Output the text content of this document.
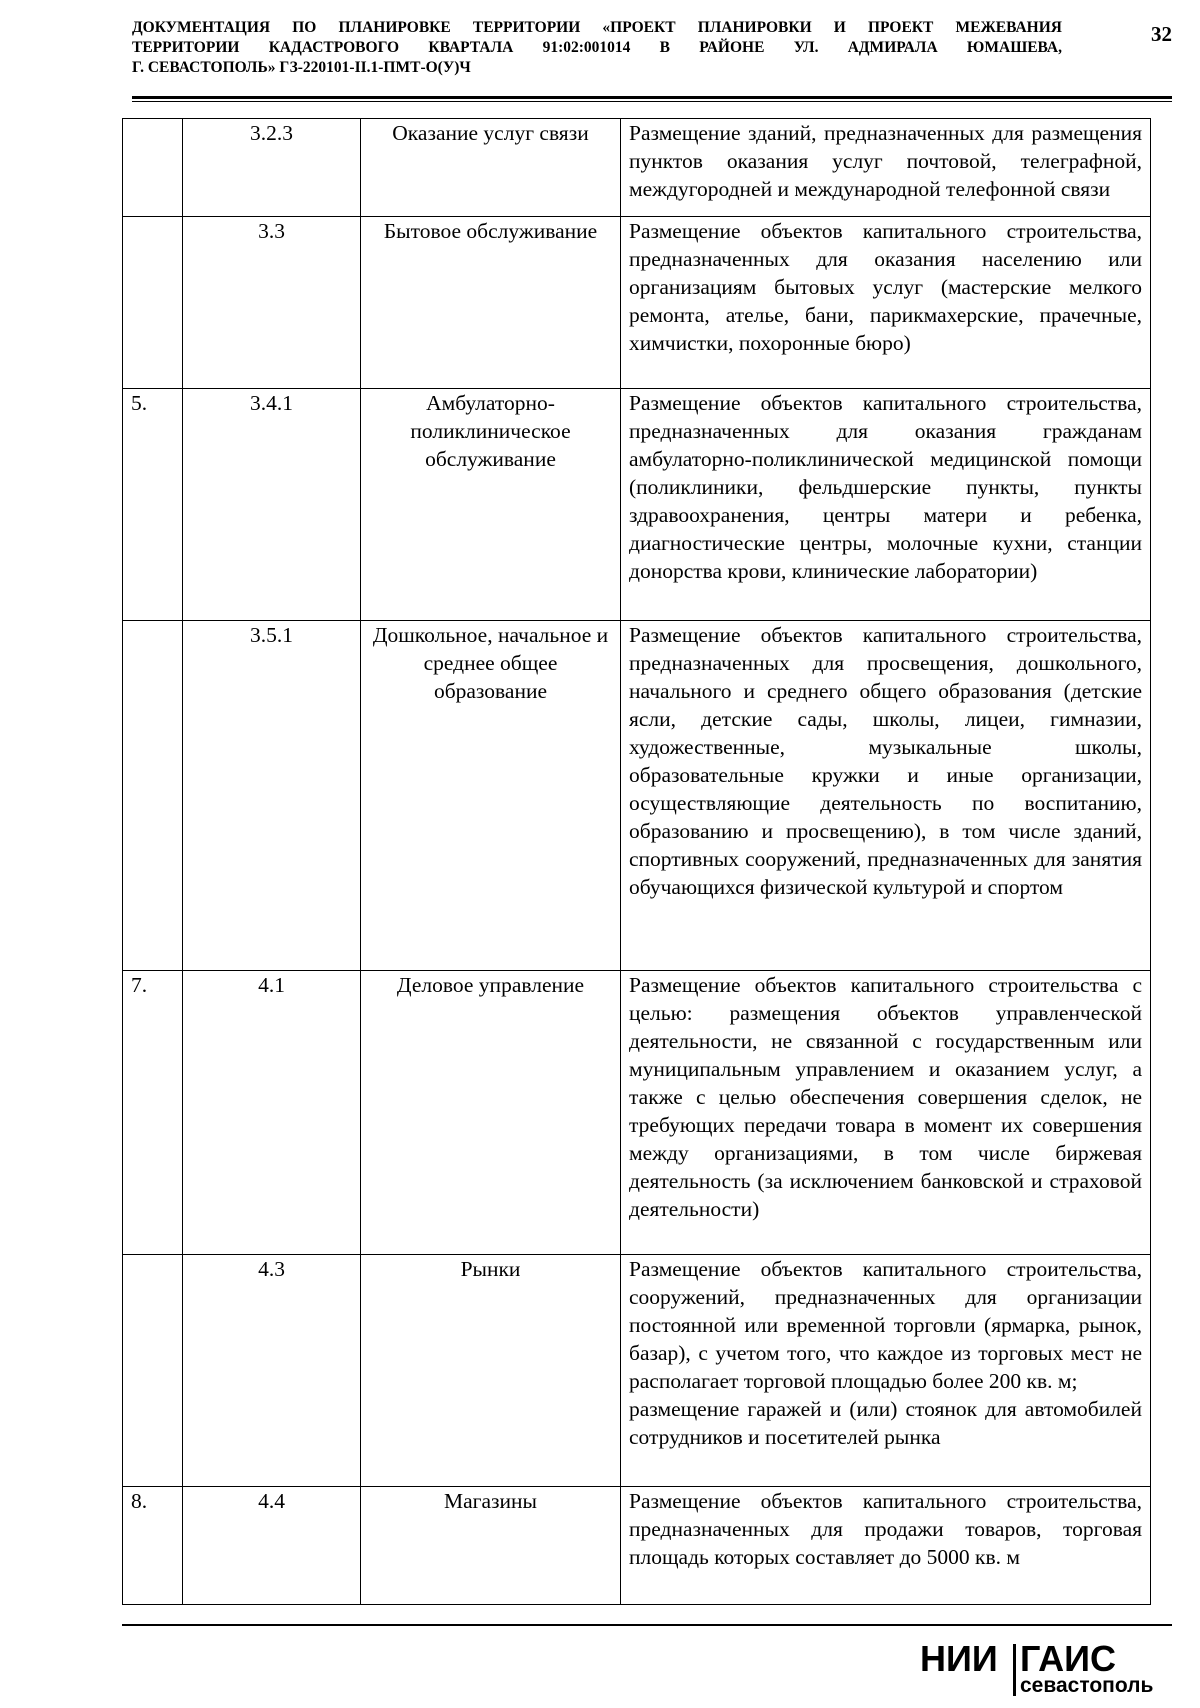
ДОКУМЕНТАЦИЯ ПО ПЛАНИРОВКЕ ТЕРРИТОРИИ «ПРОЕКТ ПЛАНИРОВКИ И ПРОЕКТ МЕЖЕВАНИЯ
ТЕРРИТОРИИ КАДАСТРОВОГО КВАРТАЛА 91:02:001014 В РАЙОНЕ УЛ. АДМИРАЛА ЮМАШЕВА,
Г. СЕВАСТОПОЛЬ» ГЗ-220101-II.1-ПМТ-О(У)Ч
32
	3.2.3	Оказание услуг связи	Размещение зданий, предназначенных для размещения пунктов оказания услуг почтовой, телеграфной, междугородней и международной телефонной связи
	3.3	Бытовое обслуживание	Размещение объектов капитального строительства, предназначенных для оказания населению или организациям бытовых услуг (мастерские мелкого ремонта, ателье, бани, парикмахерские, прачечные, химчистки, похоронные бюро)
5.	3.4.1	Амбулаторно-поликлиническое обслуживание	Размещение объектов капитального строительства, предназначенных для оказания гражданам амбулаторно-поликлинической медицинской помощи (поликлиники, фельдшерские пункты, пункты здравоохранения, центры матери и ребенка, диагностические центры, молочные кухни, станции донорства крови, клинические лаборатории)
	3.5.1	Дошкольное, начальное и среднее общее образование	Размещение объектов капитального строительства, предназначенных для просвещения, дошкольного, начального и среднего общего образования (детские ясли, детские сады, школы, лицеи, гимназии, художественные, музыкальные школы, образовательные кружки и иные организации, осуществляющие деятельность по воспитанию, образованию и просвещению), в том числе зданий, спортивных сооружений, предназначенных для занятия обучающихся физической культурой и спортом
7.	4.1	Деловое управление	Размещение объектов капитального строительства с целью: размещения объектов управленческой деятельности, не связанной с государственным или муниципальным управлением и оказанием услуг, а также с целью обеспечения совершения сделок, не требующих передачи товара в момент их совершения между организациями, в том числе биржевая деятельность (за исключением банковской и страховой деятельности)
	4.3	Рынки	Размещение объектов капитального строительства, сооружений, предназначенных для организации постоянной или временной торговли (ярмарка, рынок, базар), с учетом того, что каждое из торговых мест не располагает торговой площадью более 200 кв. м;
размещение гаражей и (или) стоянок для автомобилей сотрудников и посетителей рынка

8.	4.4	Магазины	Размещение объектов капитального строительства, предназначенных для продажи товаров, торговая площадь которых составляет до 5000 кв. м
НИИ ГАИС
севастополь
